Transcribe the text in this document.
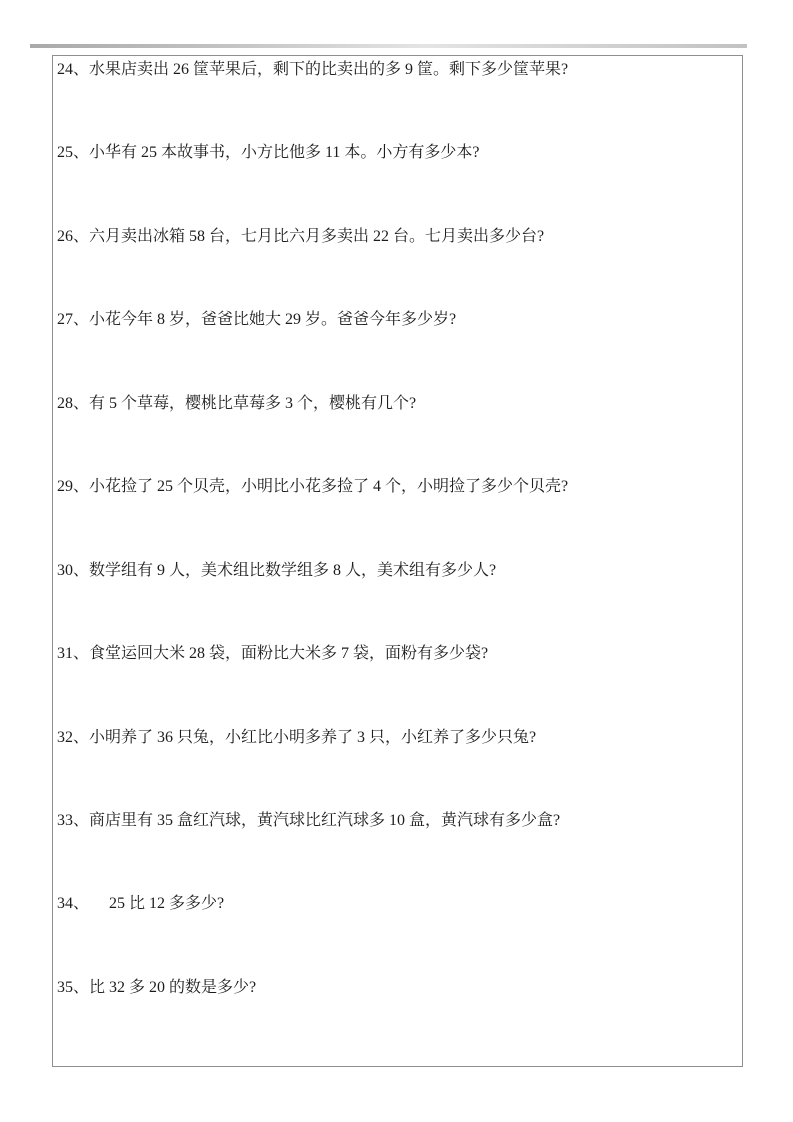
24、水果店卖出 26 筐苹果后，剩下的比卖出的多 9 筐。剩下多少筐苹果?

25、小华有 25 本故事书，小方比他多 11 本。小方有多少本?

26、六月卖出冰箱 58 台，七月比六月多卖出 22 台。七月卖出多少台?

27、小花今年 8 岁，爸爸比她大 29 岁。爸爸今年多少岁?

28、有 5 个草莓，樱桃比草莓多 3 个，樱桃有几个?

29、小花捡了 25 个贝壳，小明比小花多捡了 4 个，小明捡了多少个贝壳?

30、数学组有 9 人，美术组比数学组多 8 人，美术组有多少人?

31、食堂运回大米 28 袋，面粉比大米多 7 袋，面粉有多少袋?

32、小明养了 36 只兔，小红比小明多养了 3 只，小红养了多少只兔?

33、商店里有 35 盒红汽球，黄汽球比红汽球多 10 盒，黄汽球有多少盒?

34、     25 比 12 多多少?

35、比 32 多 20 的数是多少?
